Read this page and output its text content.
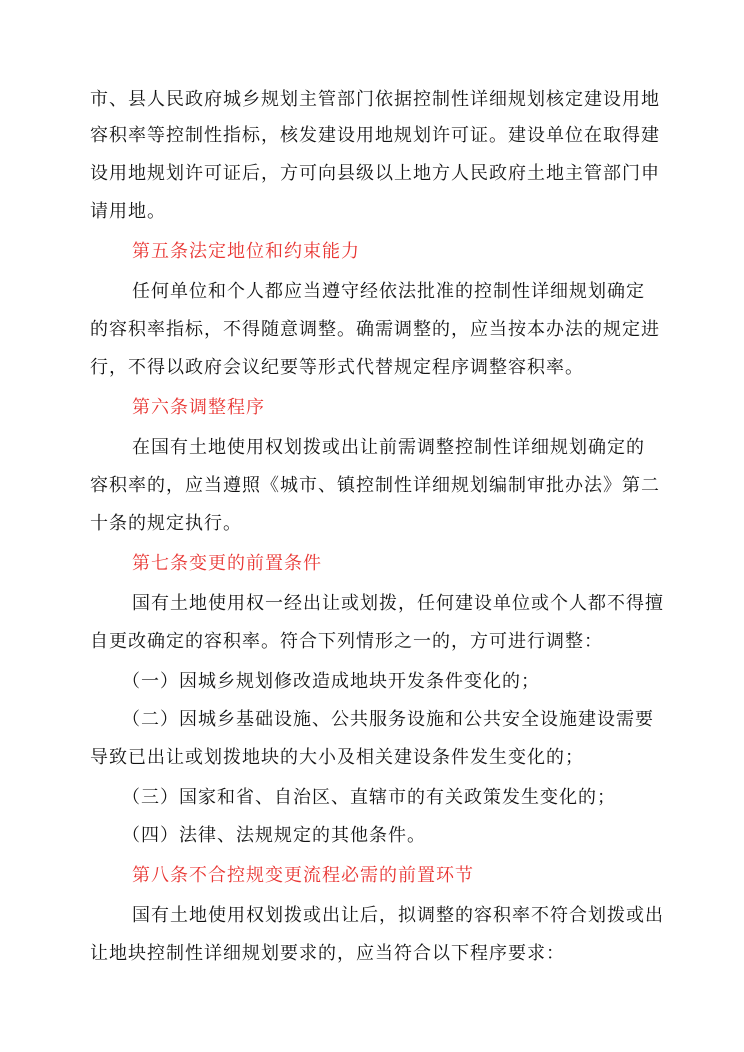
市、县人民政府城乡规划主管部门依据控制性详细规划核定建设用地
容积率等控制性指标，核发建设用地规划许可证。建设单位在取得建
设用地规划许可证后，方可向县级以上地方人民政府土地主管部门申
请用地。
第五条法定地位和约束能力
任何单位和个人都应当遵守经依法批准的控制性详细规划确定
的容积率指标，不得随意调整。确需调整的，应当按本办法的规定进
行，不得以政府会议纪要等形式代替规定程序调整容积率。
第六条调整程序
在国有土地使用权划拨或出让前需调整控制性详细规划确定的
容积率的，应当遵照《城市、镇控制性详细规划编制审批办法》第二
十条的规定执行。
第七条变更的前置条件
国有土地使用权一经出让或划拨，任何建设单位或个人都不得擅
自更改确定的容积率。符合下列情形之一的，方可进行调整：
（一）因城乡规划修改造成地块开发条件变化的；
（二）因城乡基础设施、公共服务设施和公共安全设施建设需要
导致已出让或划拨地块的大小及相关建设条件发生变化的；
（三）国家和省、自治区、直辖市的有关政策发生变化的；
（四）法律、法规规定的其他条件。
第八条不合控规变更流程必需的前置环节
国有土地使用权划拨或出让后，拟调整的容积率不符合划拨或出
让地块控制性详细规划要求的，应当符合以下程序要求：
